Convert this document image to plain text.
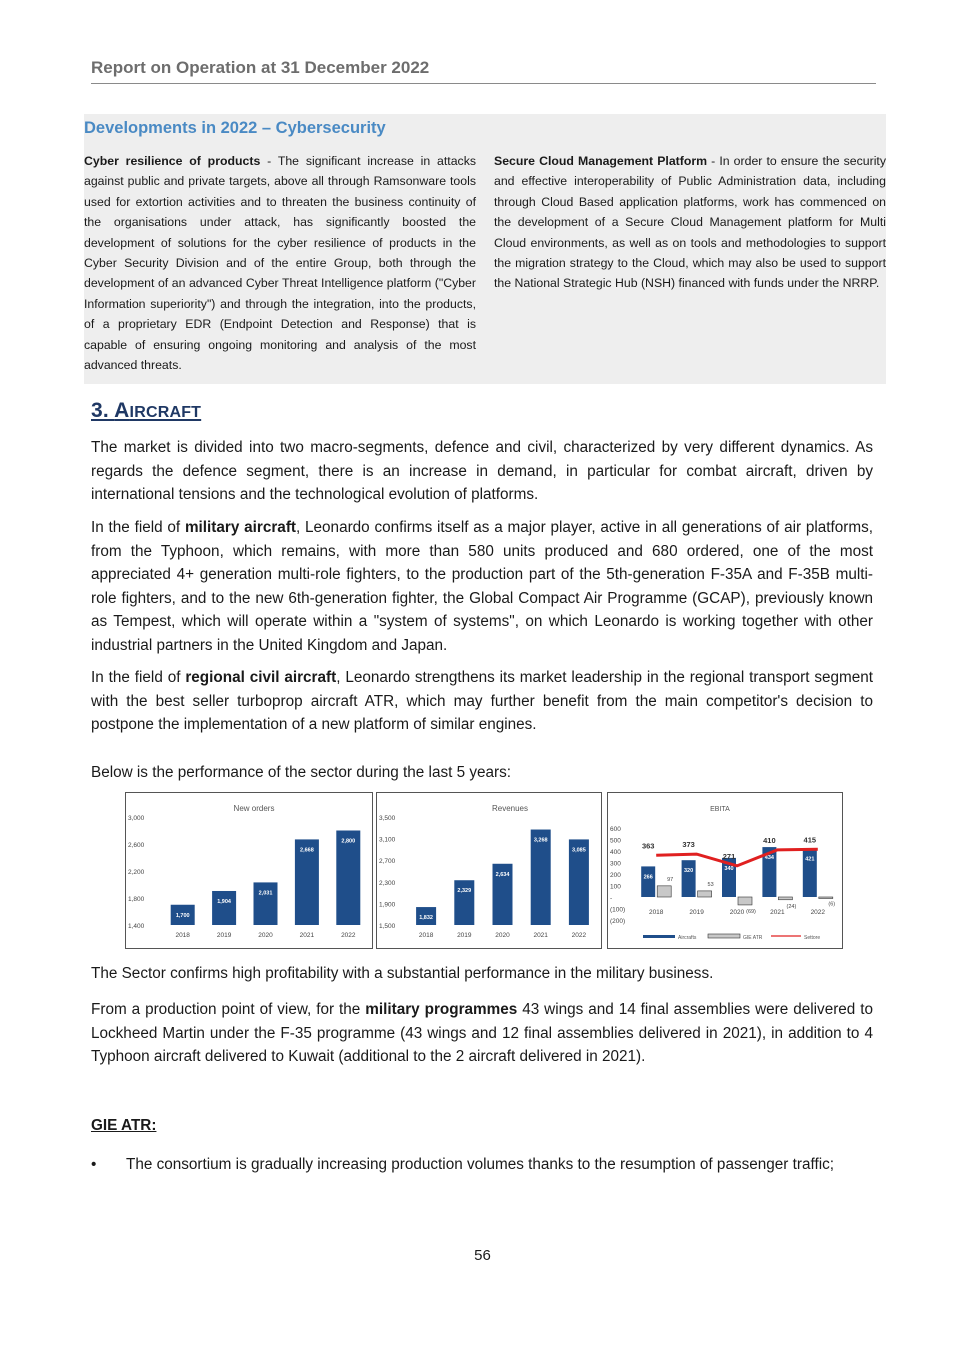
Report on Operation at 31 December 2022
Developments in 2022 – Cybersecurity
Cyber resilience of products - The significant increase in attacks against public and private targets, above all through Ramsonware tools used for extortion activities and to threaten the business continuity of the organisations under attack, has significantly boosted the development of solutions for the cyber resilience of products in the Cyber Security Division and of the entire Group, both through the development of an advanced Cyber Threat Intelligence platform ("Cyber Information superiority") and through the integration, into the products, of a proprietary EDR (Endpoint Detection and Response) that is capable of ensuring ongoing monitoring and analysis of the most advanced threats.
Secure Cloud Management Platform - In order to ensure the security and effective interoperability of Public Administration data, including through Cloud Based application platforms, work has commenced on the development of a Secure Cloud Management platform for Multi Cloud environments, as well as on tools and methodologies to support the migration strategy to the Cloud, which may also be used to support the National Strategic Hub (NSH) financed with funds under the NRRP.
3. AIRCRAFT

The market is divided into two macro-segments, defence and civil, characterized by very different dynamics. As regards the defence segment, there is an increase in demand, in particular for combat aircraft, driven by international tensions and the technological evolution of platforms.

In the field of military aircraft, Leonardo confirms itself as a major player, active in all generations of air platforms, from the Typhoon, which remains, with more than 580 units produced and 680 ordered, one of the most appreciated 4+ generation multi-role fighters, to the production part of the 5th-generation F-35A and F-35B multi-role fighters, and to the new 6th-generation fighter, the Global Compact Air Programme (GCAP), previously known as Tempest, which will operate within a "system of systems", on which Leonardo is working together with other industrial partners in the United Kingdom and Japan.

In the field of regional civil aircraft, Leonardo strengthens its market leadership in the regional transport segment with the best seller turboprop aircraft ATR, which may further benefit from the main competitor's decision to postpone the implementation of a new platform of similar engines.

Below is the performance of the sector during the last 5 years:

New orders
1,400
1,800
2,200
2,600
3,000
1,700
2018
1,904
2019
2,031
2020
2,668
2021
2,800
2022
Revenues
1,500
1,900
2,300
2,700
3,100
3,500
1,832
2018
2,329
2019
2,634
2020
3,268
2021
3,085
2022
EBITA
(200)
(100)
-
100
200
300
400
500
600
266	97
2018
320
53
2019
340
(69)
2020
434
(24)
2021
421
(6)
2022
363	373
271
410	415
Aircrafts	GIE ATR	Settore

The Sector confirms high profitability with a substantial performance in the military business.

From a production point of view, for the military programmes 43 wings and 14 final assemblies were delivered to Lockheed Martin under the F-35 programme (43 wings and 12 final assemblies delivered in 2021), in addition to 4 Typhoon aircraft delivered to Kuwait (additional to the 2 aircraft delivered in 2021).

GIE ATR:
• The consortium is gradually increasing production volumes thanks to the resumption of passenger traffic;
56
